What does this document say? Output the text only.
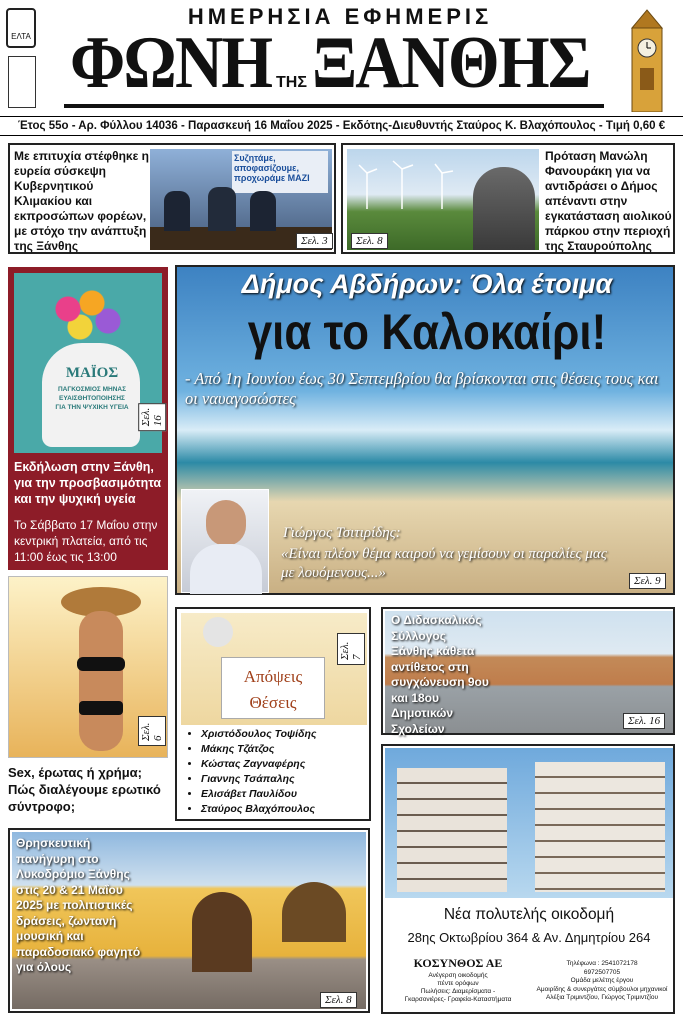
ΕΛΤΑ
ΗΜΕΡΗΣΙΑ ΕΦΗΜΕΡΙΣ
ΦΩΝΗ ΤΗΣ ΞΑΝΘΗΣ
Έτος 55ο - Αρ. Φύλλου 14036 - Παρασκευή 16 Μαΐου 2025 - Εκδότης-Διευθυντής Σταύρος Κ. Βλαχόπουλος - Τιμή 0,60 €
Με επιτυχία στέφθηκε η ευρεία σύσκεψη Κυβερνητικού Κλιμακίου και εκπροσώπων φορέων, με στόχο την ανάπτυξη της Ξάνθης
Συζητάμε, αποφασίζουμε, προχωράμε ΜΑΖΙ
Σελ. 3
Πρόταση Μανώλη Φανουράκη για να αντιδράσει ο Δήμος απέναντι στην εγκατάσταση αιολικού πάρκου στην περιοχή της Σταυρούπολης
Σελ. 8
ΜΑΪΟΣ
ΠΑΓΚΟΣΜΙΟΣ ΜΗΝΑΣ ΕΥΑΙΣΘΗΤΟΠΟΙΗΣΗΣ ΓΙΑ ΤΗΝ ΨΥΧΙΚΗ ΥΓΕΙΑ
Σελ. 16
Εκδήλωση στην Ξάνθη, για την προσβασιμότητα και την ψυχική υγεία
Το Σάββατο 17 Μαΐου στην κεντρική πλατεία, από τις 11:00 έως τις 13:00
Δήμος Αβδήρων: Όλα έτοιμα
για το Καλοκαίρι!
- Από 1η Ιουνίου έως 30 Σεπτεμβρίου θα βρίσκονται στις θέσεις τους και οι ναυαγοσώστες
Γιώργος Τσιτιρίδης:
«Είναι πλέον θέμα καιρού να γεμίσουν οι παραλίες μας με λουόμενους...»	Σελ. 9
Σελ. 6
Sex, έρωτας ή χρήμα; Πώς διαλέγουμε ερωτικό σύντροφο;
Απόψεις
Θέσεις
Σελ. 7
• Χριστόδουλος Τοψίδης
• Μάκης Τζάτζος
• Κώστας Ζαγναφέρης
• Γιαννης Τσάπαλης
• Ελισάβετ Παυλίδου
• Σταύρος Βλαχόπουλος
Ο Διδασκαλικός Σύλλογος Ξάνθης κάθετα αντίθετος στη συγχώνευση 9ου και 18ου Δημοτικών Σχολείων
Σελ. 16
Θρησκευτική πανήγυρη στο Λυκοδρόμιο Ξάνθης στις 20 & 21 Μαΐου 2025 με πολιτιστικές δράσεις, ζωντανή μουσική και παραδοσιακό φαγητό για όλους
Σελ. 8
Νέα πολυτελής οικοδομή
28ης Οκτωβρίου 364 & Αν. Δημητρίου 264
ΚΟΣΥΝΘΟΣ ΑΕ
Ανέγερση οικοδομής
πέντε ορόφων
Πωλήσεις: Διαμερίσματα -
Γκαρσονιέρες- Γραφεία-Καταστήματα
Τηλέφωνα : 2541072178
6972507705
Ομάδα μελέτης έργου
Αμοιρίδης & συνεργάτες σύμβουλοι μηχανικοί
Αλέξια Τριμιντζίου, Γιώργος Τριμιντζίου
